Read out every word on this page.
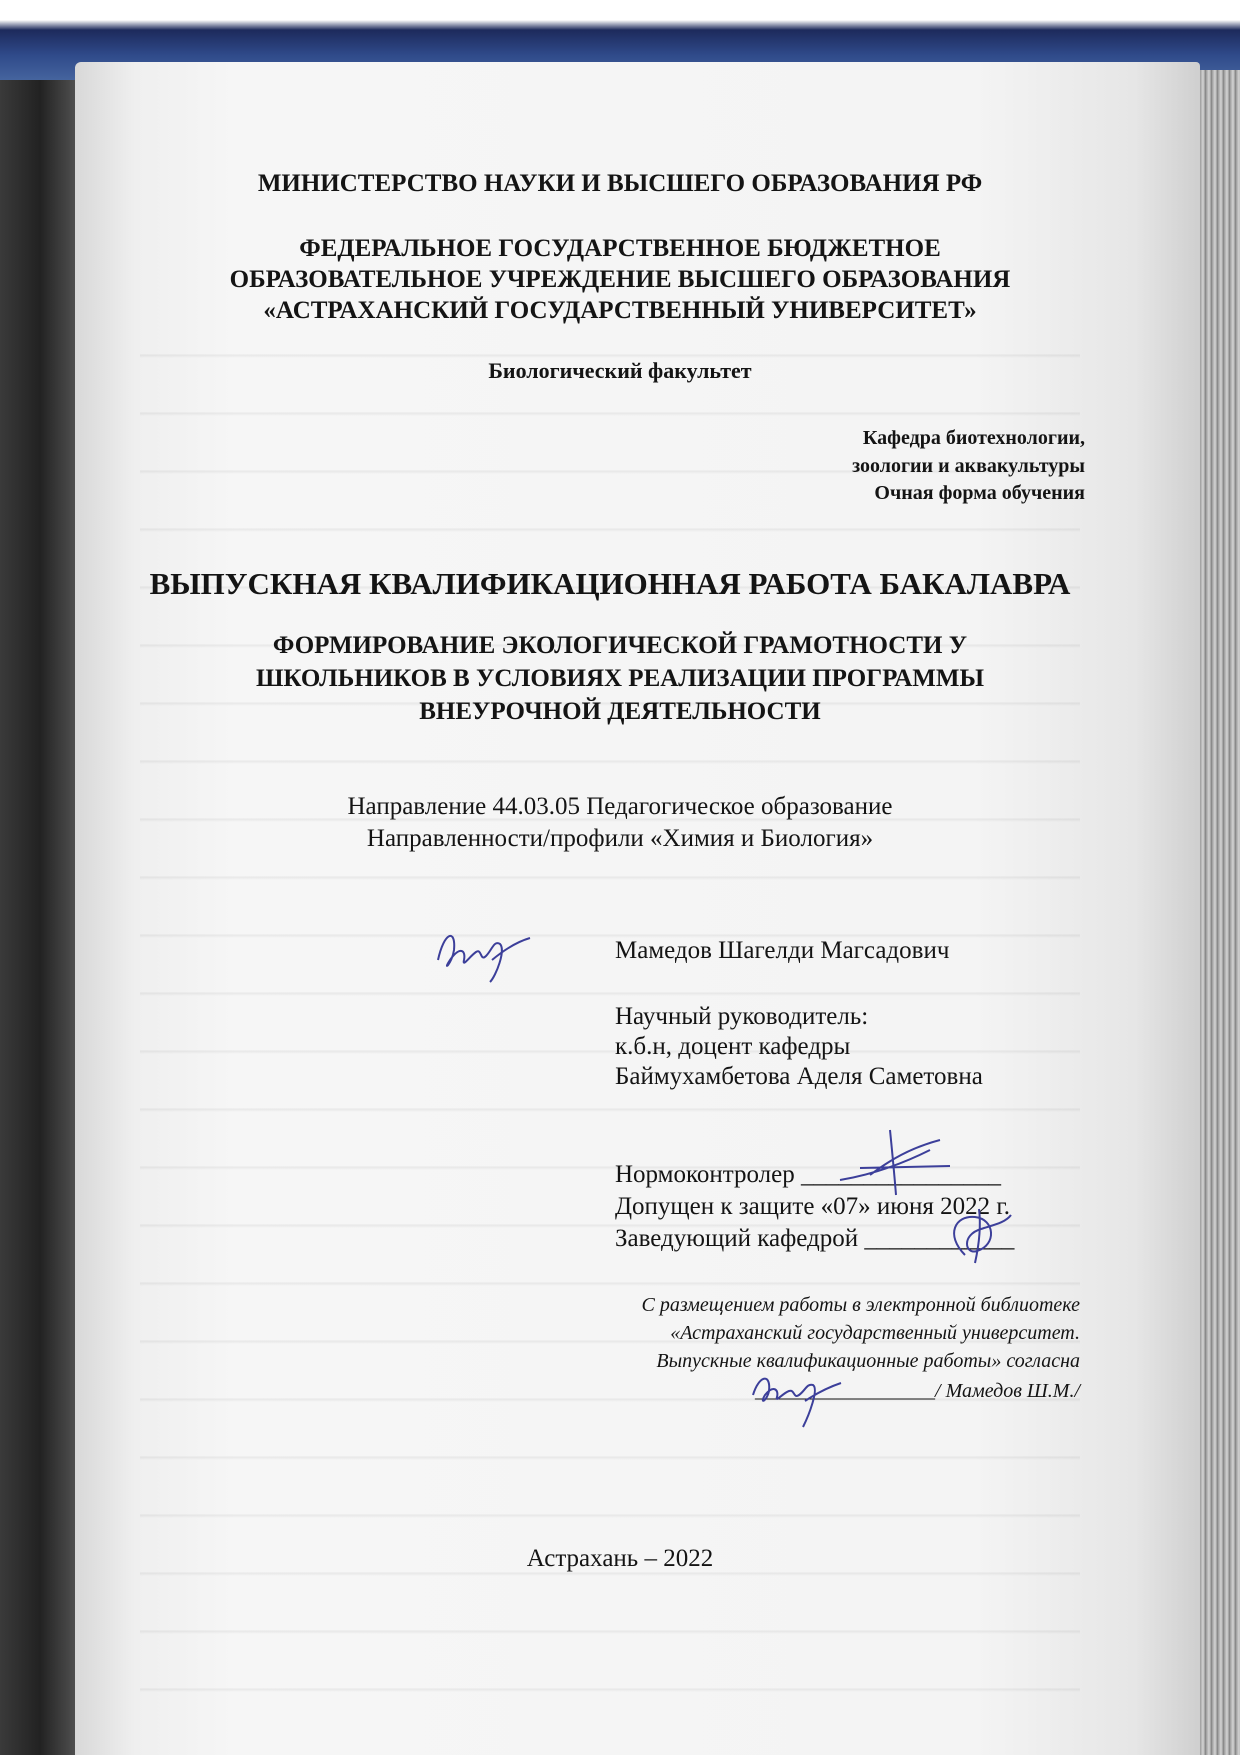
МИНИСТЕРСТВО НАУКИ И ВЫСШЕГО ОБРАЗОВАНИЯ РФ
ФЕДЕРАЛЬНОЕ ГОСУДАРСТВЕННОЕ БЮДЖЕТНОЕ
ОБРАЗОВАТЕЛЬНОЕ УЧРЕЖДЕНИЕ ВЫСШЕГО ОБРАЗОВАНИЯ
«АСТРАХАНСКИЙ ГОСУДАРСТВЕННЫЙ УНИВЕРСИТЕТ»
Биологический факультет
Кафедра биотехнологии,
зоологии и аквакультуры
Очная форма обучения
ВЫПУСКНАЯ КВАЛИФИКАЦИОННАЯ РАБОТА БАКАЛАВРА
ФОРМИРОВАНИЕ ЭКОЛОГИЧЕСКОЙ ГРАМОТНОСТИ У
ШКОЛЬНИКОВ В УСЛОВИЯХ РЕАЛИЗАЦИИ ПРОГРАММЫ
ВНЕУРОЧНОЙ ДЕЯТЕЛЬНОСТИ
Направление 44.03.05 Педагогическое образование
Направленности/профили «Химия и Биология»
Мамедов Шагелди Магсадович
Научный руководитель:
к.б.н, доцент кафедры
Баймухамбетова Аделя Саметовна
Нормоконтролер ________________
Допущен к защите «07» июня 2022 г.
Заведующий кафедрой ____________
С размещением работы в электронной библиотеке
«Астраханский государственный университет.
Выпускные квалификационные работы» согласна
__________________/ Мамедов Ш.М./
Астрахань – 2022
